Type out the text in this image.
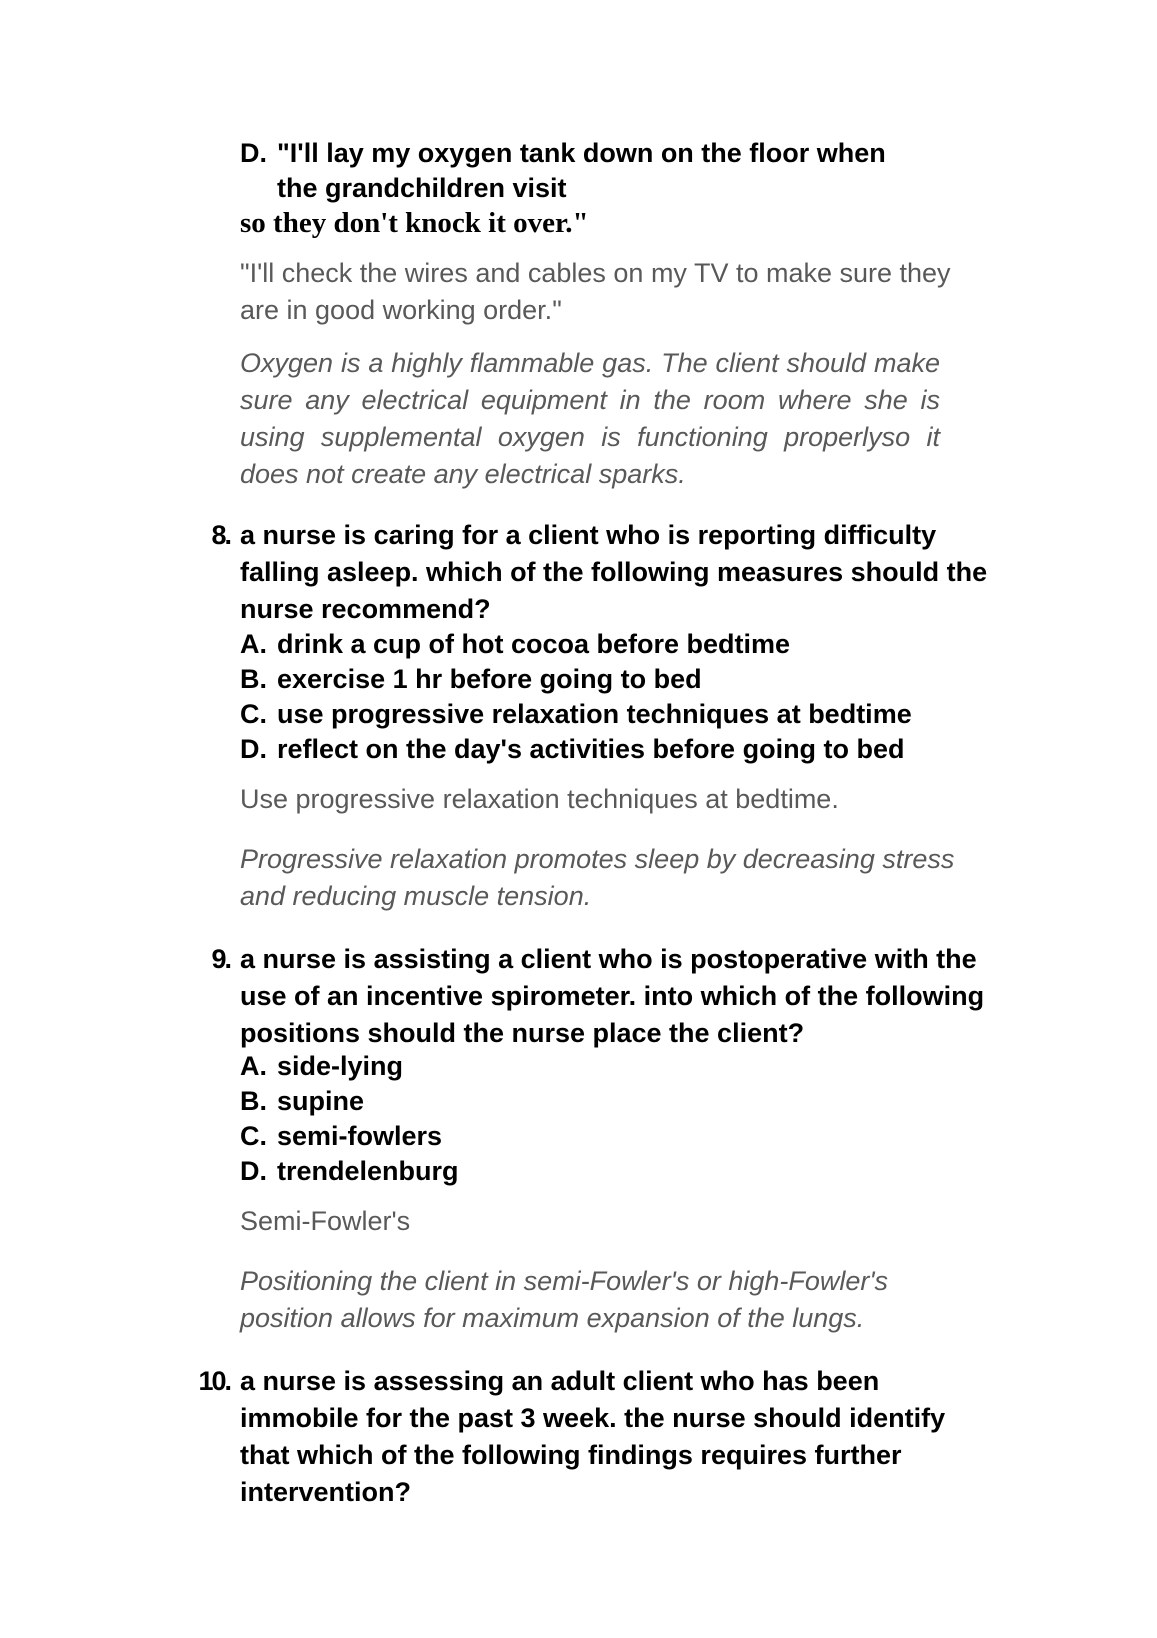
D. "I'll lay my oxygen tank down on the floor when the grandchildren visit
so they don't knock it over."
"I'll check the wires and cables on my TV to make sure they are in good working order."
Oxygen is a highly flammable gas. The client should make sure any electrical equipment in the room where she is using supplemental oxygen is functioning properlyso it does not create any electrical sparks.
8. a nurse is caring for a client who is reporting difficulty falling asleep. which of the following measures should the nurse recommend?
A. drink a cup of hot cocoa before bedtime
B. exercise 1 hr before going to bed
C. use progressive relaxation techniques at bedtime
D. reflect on the day's activities before going to bed
Use progressive relaxation techniques at bedtime.
Progressive relaxation promotes sleep by decreasing stress and reducing muscle tension.
9. a nurse is assisting a client who is postoperative with the use of an incentive spirometer. into which of the following positions should the nurse place the client?
A. side-lying
B. supine
C. semi-fowlers
D. trendelenburg
Semi-Fowler's
Positioning the client in semi-Fowler's or high-Fowler's position allows for maximum expansion of the lungs.
10. a nurse is assessing an adult client who has been immobile for the past 3 week. the nurse should identify that which of the following findings requires further intervention?
